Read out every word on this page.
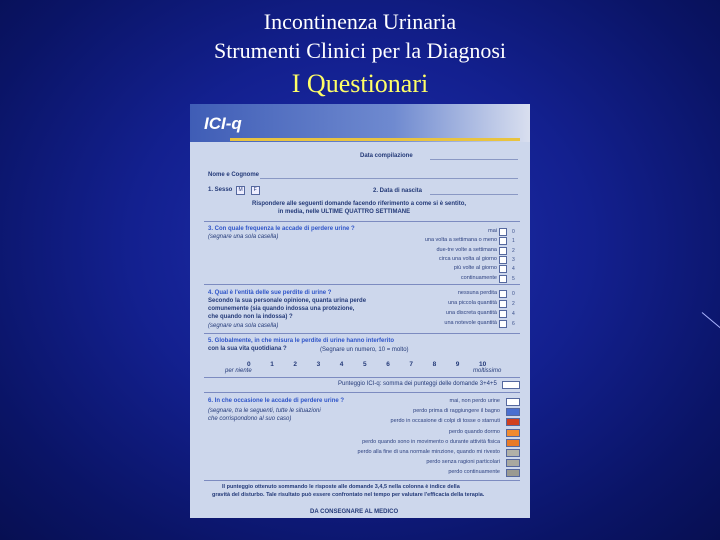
Incontinenza Urinaria
Strumenti Clinici per la Diagnosi
I Questionari
ICI-q
Data compilazione
Nome e Cognome
1. Sesso M F	2. Data di nascita
Rispondere alle seguenti domande facendo riferimento a come si è sentito,
in media, nelle ULTIME QUATTRO SETTIMANE
3. Con quale frequenza le accade di perdere urine ?
(segnare una sola casella)
mai	0
una volta a settimana o meno	1
due-tre volte a settimana	2
circa una volta al giorno	3
più volte al giorno	4
continuamente	5
4. Qual è l'entità delle sue perdite di urine ?
Secondo la sua personale opinione, quanta urina perde
comunemente (sia quando indossa una protezione,
che quando non la indossa) ?
(segnare una sola casella)
nessuna perdita	0
una piccola quantità	2
una discreta quantità	4
una notevole quantità	6
5. Globalmente, in che misura le perdite di urine hanno interferito
con la sua vita quotidiana ?	(Segnare un numero, 10 = molto)
0	1	2	3	4	5	6	7	8	9	10
per niente	moltissimo
Punteggio ICI-q: somma dei punteggi delle domande 3+4+5
6. In che occasione le accade di perdere urine ?
(segnare, tra le seguenti, tutte le situazioni
che corrispondono al suo caso)
mai, non perdo urine
perdo prima di raggiungere il bagno
perdo in occasione di colpi di tosse o starnuti
perdo quando dormo
perdo quando sono in movimento o durante attività fisica
perdo alla fine di una normale minzione, quando mi rivesto
perdo senza ragioni particolari
perdo continuamente
Il punteggio ottenuto sommando le risposte alle domande 3,4,5 nella colonna è indice della
gravità del disturbo. Tale risultato può essere confrontato nel tempo per valutare l'efficacia della terapia.
DA CONSEGNARE AL MEDICO
